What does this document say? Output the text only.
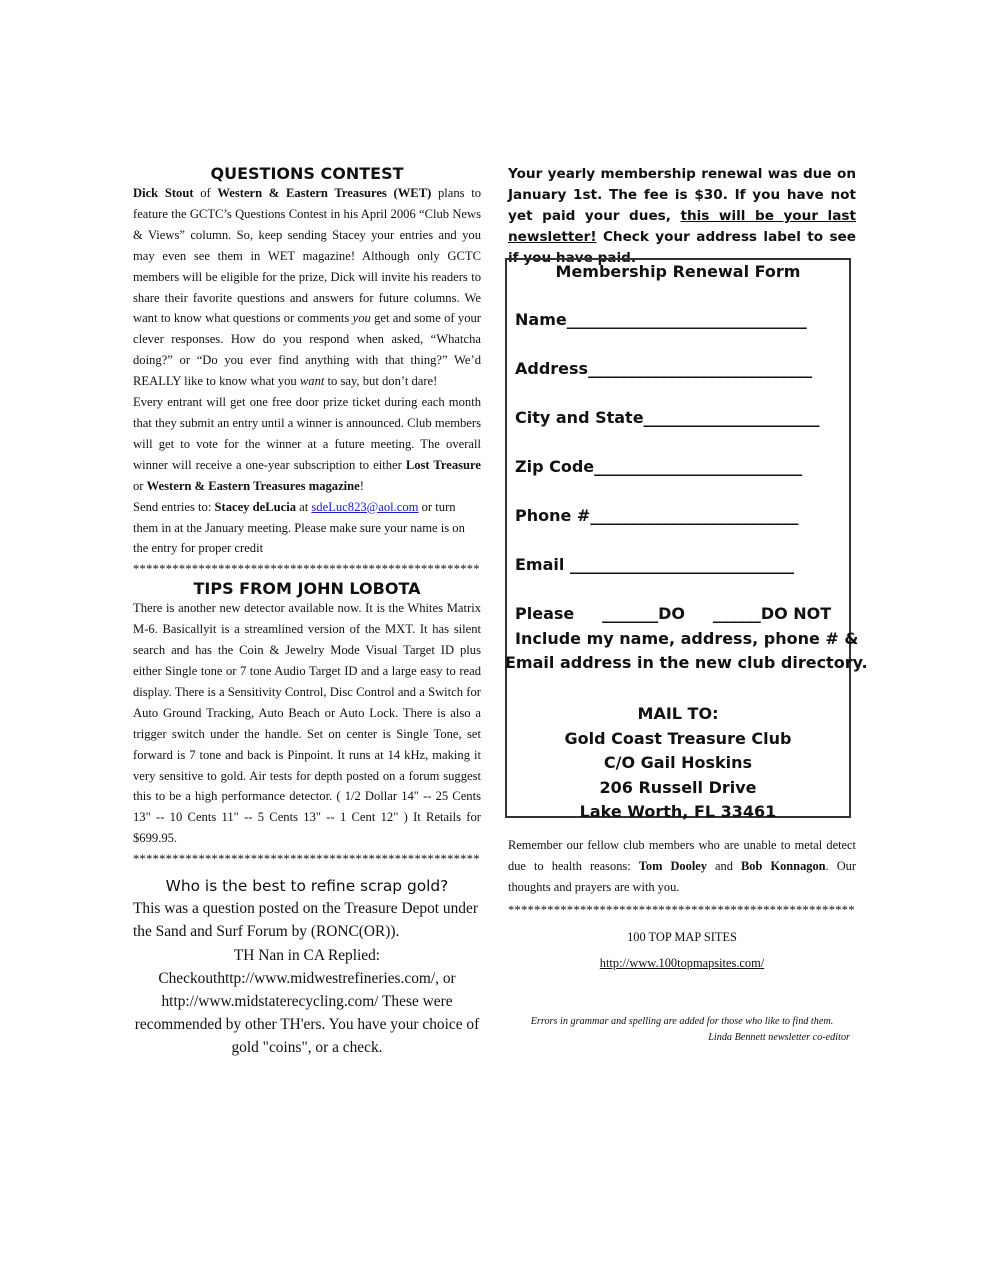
QUESTIONS CONTEST

Dick Stout of Western & Eastern Treasures (WET) plans to feature the GCTC’s Questions Contest in his April 2006 “Club News & Views” column. So, keep sending Stacey your entries and you may even see them in WET magazine! Although only GCTC members will be eligible for the prize, Dick will invite his readers to share their favorite questions and answers for future columns. We want to know what questions or comments you get and some of your clever responses. How do you respond when asked, “Whatcha doing?” or “Do you ever find anything with that thing?” We’d REALLY like to know what you want to say, but don’t dare!

Every entrant will get one free door prize ticket during each month that they submit an entry until a winner is announced. Club members will get to vote for the winner at a future meeting. The overall winner will receive a one-year subscription to either Lost Treasure or Western & Eastern Treasures magazine!

Send entries to: Stacey deLucia at sdeLuc823@aol.com or turn them in at the January meeting. Please make sure your name is on the entry for proper credit

*****************************************************
TIPS FROM JOHN LOBOTA

There is another new detector available now. It is the Whites Matrix M-6. Basicallyit is a streamlined version of the MXT. It has silent search and has the Coin & Jewelry Mode Visual Target ID plus either Single tone or 7 tone Audio Target ID and a large easy to read display. There is a Sensitivity Control, Disc Control and a Switch for Auto Ground Tracking, Auto Beach or Auto Lock. There is also a trigger switch under the handle. Set on center is Single Tone, set forward is 7 tone and back is Pinpoint. It runs at 14 kHz, making it very sensitive to gold. Air tests for depth posted on a forum suggest this to be a high performance detector. ( 1/2 Dollar 14" -- 25 Cents 13" -- 10 Cents 11" -- 5 Cents 13" -- 1 Cent 12" ) It Retails for $699.95.

*****************************************************
Who is the best to refine scrap gold?

This was a question posted on the Treasure Depot under the Sand and Surf Forum by (RONC(OR)).
TH Nan in CA Replied:
Checkouthttp://www.midwestrefineries.com/, or http://www.midstaterecycling.com/ These were recommended by other TH'ers. You have your choice of gold "coins", or a check.

Your yearly membership renewal was due on January 1st. The fee is $30. If you have not yet paid your dues, this will be your last newsletter! Check your address label to see if you have paid.

Membership Renewal Form
Name______________________________
Address____________________________
City and State______________________
Zip Code__________________________
Phone #__________________________
Email ____________________________
Please     _______DO     ______DO NOT
Include my name, address, phone # &
Email address in the new club directory.
MAIL TO:
Gold Coast Treasure Club
C/O Gail Hoskins
206 Russell Drive
Lake Worth, FL 33461

Remember our fellow club members who are unable to metal detect due to health reasons: Tom Dooley and Bob Konnagon. Our thoughts and prayers are with you.

*****************************************************
100 TOP MAP SITES
http://www.100topmapsites.com/
Errors in grammar and spelling are added for those who like to find them.
Linda Bennett newsletter co-editor
